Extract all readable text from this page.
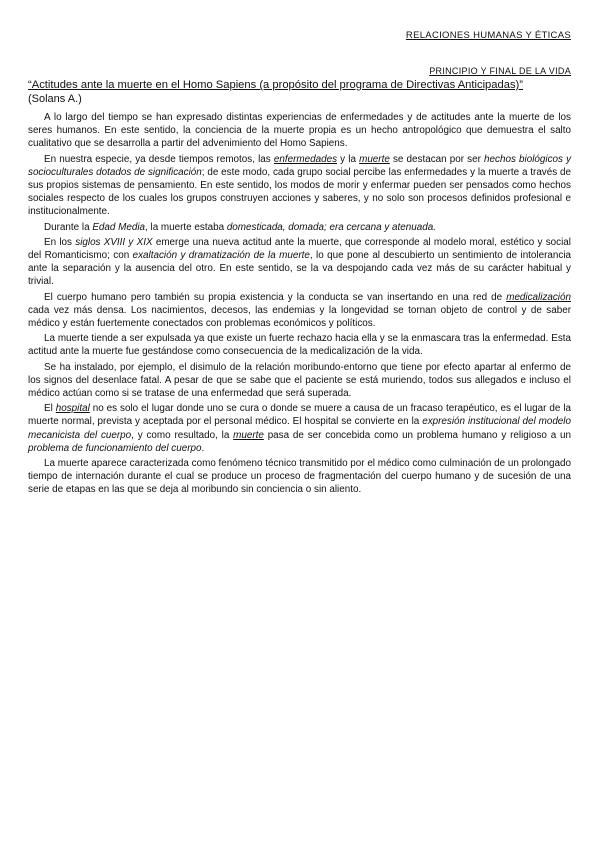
RELACIONES HUMANAS Y ÉTICAS
PRINCIPIO Y FINAL DE LA VIDA
“Actitudes ante la muerte en el Homo Sapiens (a propósito del programa de Directivas Anticipadas)”
(Solans A.)

A lo largo del tiempo se han expresado distintas experiencias de enfermedades y de actitudes ante la muerte de los seres humanos. En este sentido, la conciencia de la muerte propia es un hecho antropológico que demuestra el salto cualitativo que se desarrolla a partir del advenimiento del Homo Sapiens.

En nuestra especie, ya desde tiempos remotos, las enfermedades y la muerte se destacan por ser hechos biológicos y socioculturales dotados de significación; de este modo, cada grupo social percibe las enfermedades y la muerte a través de sus propios sistemas de pensamiento. En este sentido, los modos de morir y enfermar pueden ser pensados como hechos sociales respecto de los cuales los grupos construyen acciones y saberes, y no solo son procesos definidos profesional e institucionalmente.

Durante la Edad Media, la muerte estaba domesticada, domada; era cercana y atenuada.

En los siglos XVIII y XIX emerge una nueva actitud ante la muerte, que corresponde al modelo moral, estético y social del Romanticismo; con exaltación y dramatización de la muerte, lo que pone al descubierto un sentimiento de intolerancia ante la separación y la ausencia del otro. En este sentido, se la va despojando cada vez más de su carácter habitual y trivial.

El cuerpo humano pero también su propia existencia y la conducta se van insertando en una red de medicalización cada vez más densa. Los nacimientos, decesos, las endemias y la longevidad se tornan objeto de control y de saber médico y están fuertemente conectados con problemas económicos y políticos.

La muerte tiende a ser expulsada ya que existe un fuerte rechazo hacia ella y se la enmascara tras la enfermedad. Esta actitud ante la muerte fue gestándose como consecuencia de la medicalización de la vida.

Se ha instalado, por ejemplo, el disimulo de la relación moribundo-entorno que tiene por efecto apartar al enfermo de los signos del desenlace fatal. A pesar de que se sabe que el paciente se está muriendo, todos sus allegados e incluso el médico actúan como si se tratase de una enfermedad que será superada.

El hospital no es solo el lugar donde uno se cura o donde se muere a causa de un fracaso terapéutico, es el lugar de la muerte normal, prevista y aceptada por el personal médico. El hospital se convierte en la expresión institucional del modelo mecanicista del cuerpo, y como resultado, la muerte pasa de ser concebida como un problema humano y religioso a un problema de funcionamiento del cuerpo.

La muerte aparece caracterizada como fenómeno técnico transmitido por el médico como culminación de un prolongado tiempo de internación durante el cual se produce un proceso de fragmentación del cuerpo humano y de sucesión de una serie de etapas en las que se deja al moribundo sin conciencia o sin aliento.
